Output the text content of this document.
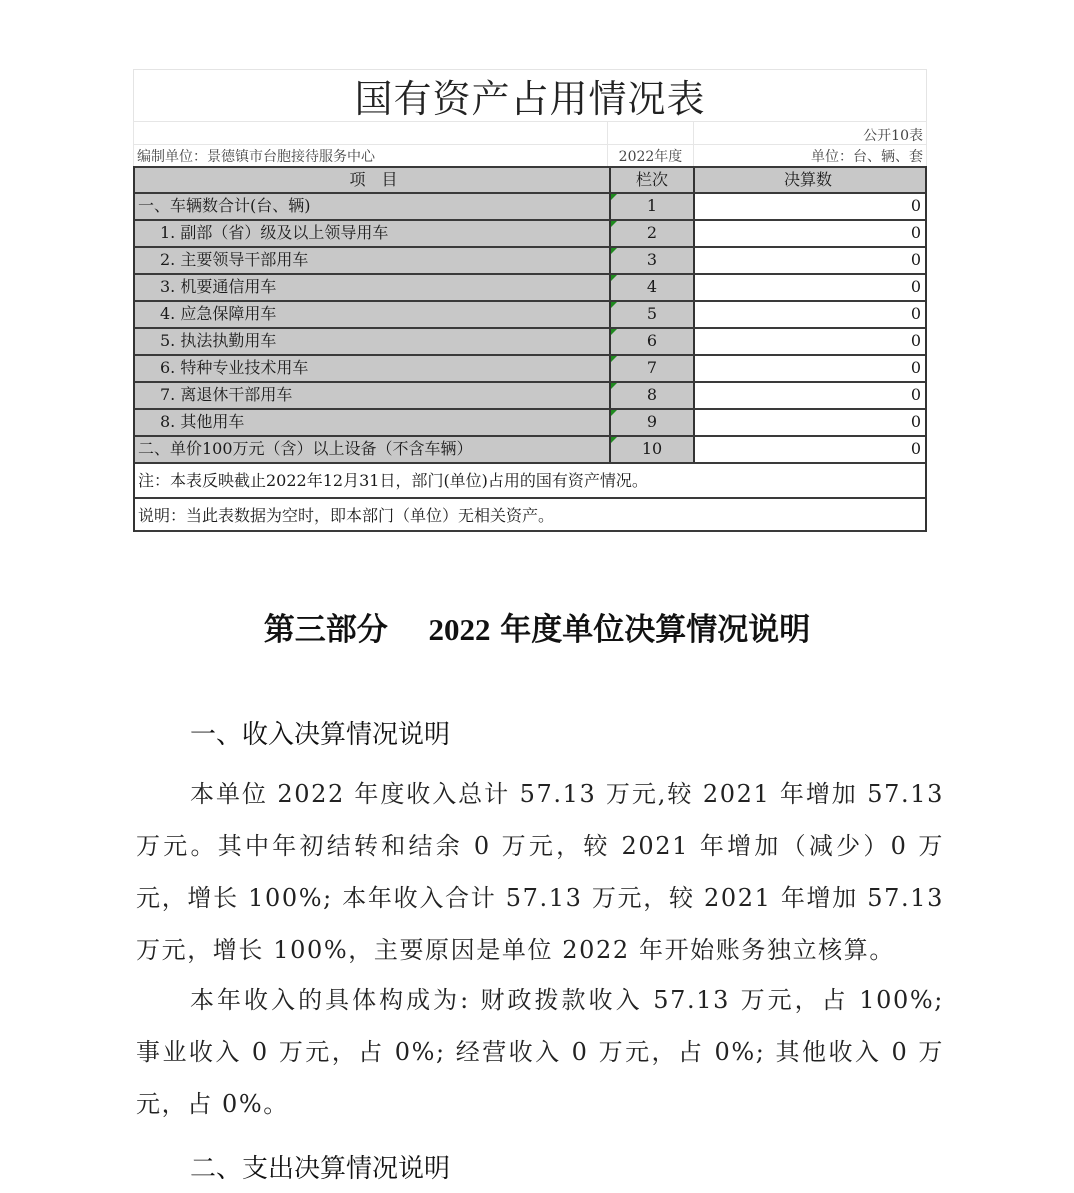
国有资产占用情况表
公开10表
编制单位：景德镇市台胞接待服务中心	2022年度	单位：台、辆、套
项　目	栏次	决算数
一、车辆数合计(台、辆)	1	0
1. 副部（省）级及以上领导用车	2	0
2. 主要领导干部用车	3	0
3. 机要通信用车	4	0
4. 应急保障用车	5	0
5. 执法执勤用车	6	0
6. 特种专业技术用车	7	0
7. 离退休干部用车	8	0
8. 其他用车	9	0
二、单价100万元（含）以上设备（不含车辆）	10	0
注：本表反映截止2022年12月31日，部门(单位)占用的国有资产情况。
说明：当此表数据为空时，即本部门（单位）无相关资产。
第三部分　 2022 年度单位决算情况说明
一、收入决算情况说明
本单位 2022 年度收入总计 57.13 万元,较 2021 年增加 57.13 万元。其中年初结转和结余 0 万元，较 2021 年增加（减少）0 万元，增长 100%; 本年收入合计 57.13 万元，较 2021 年增加 57.13 万元，增长 100%，主要原因是单位 2022 年开始账务独立核算。
本年收入的具体构成为: 财政拨款收入 57.13 万元，占 100%; 事业收入 0 万元，占 0%; 经营收入 0 万元，占 0%; 其他收入 0 万元，占 0%。
二、支出决算情况说明
